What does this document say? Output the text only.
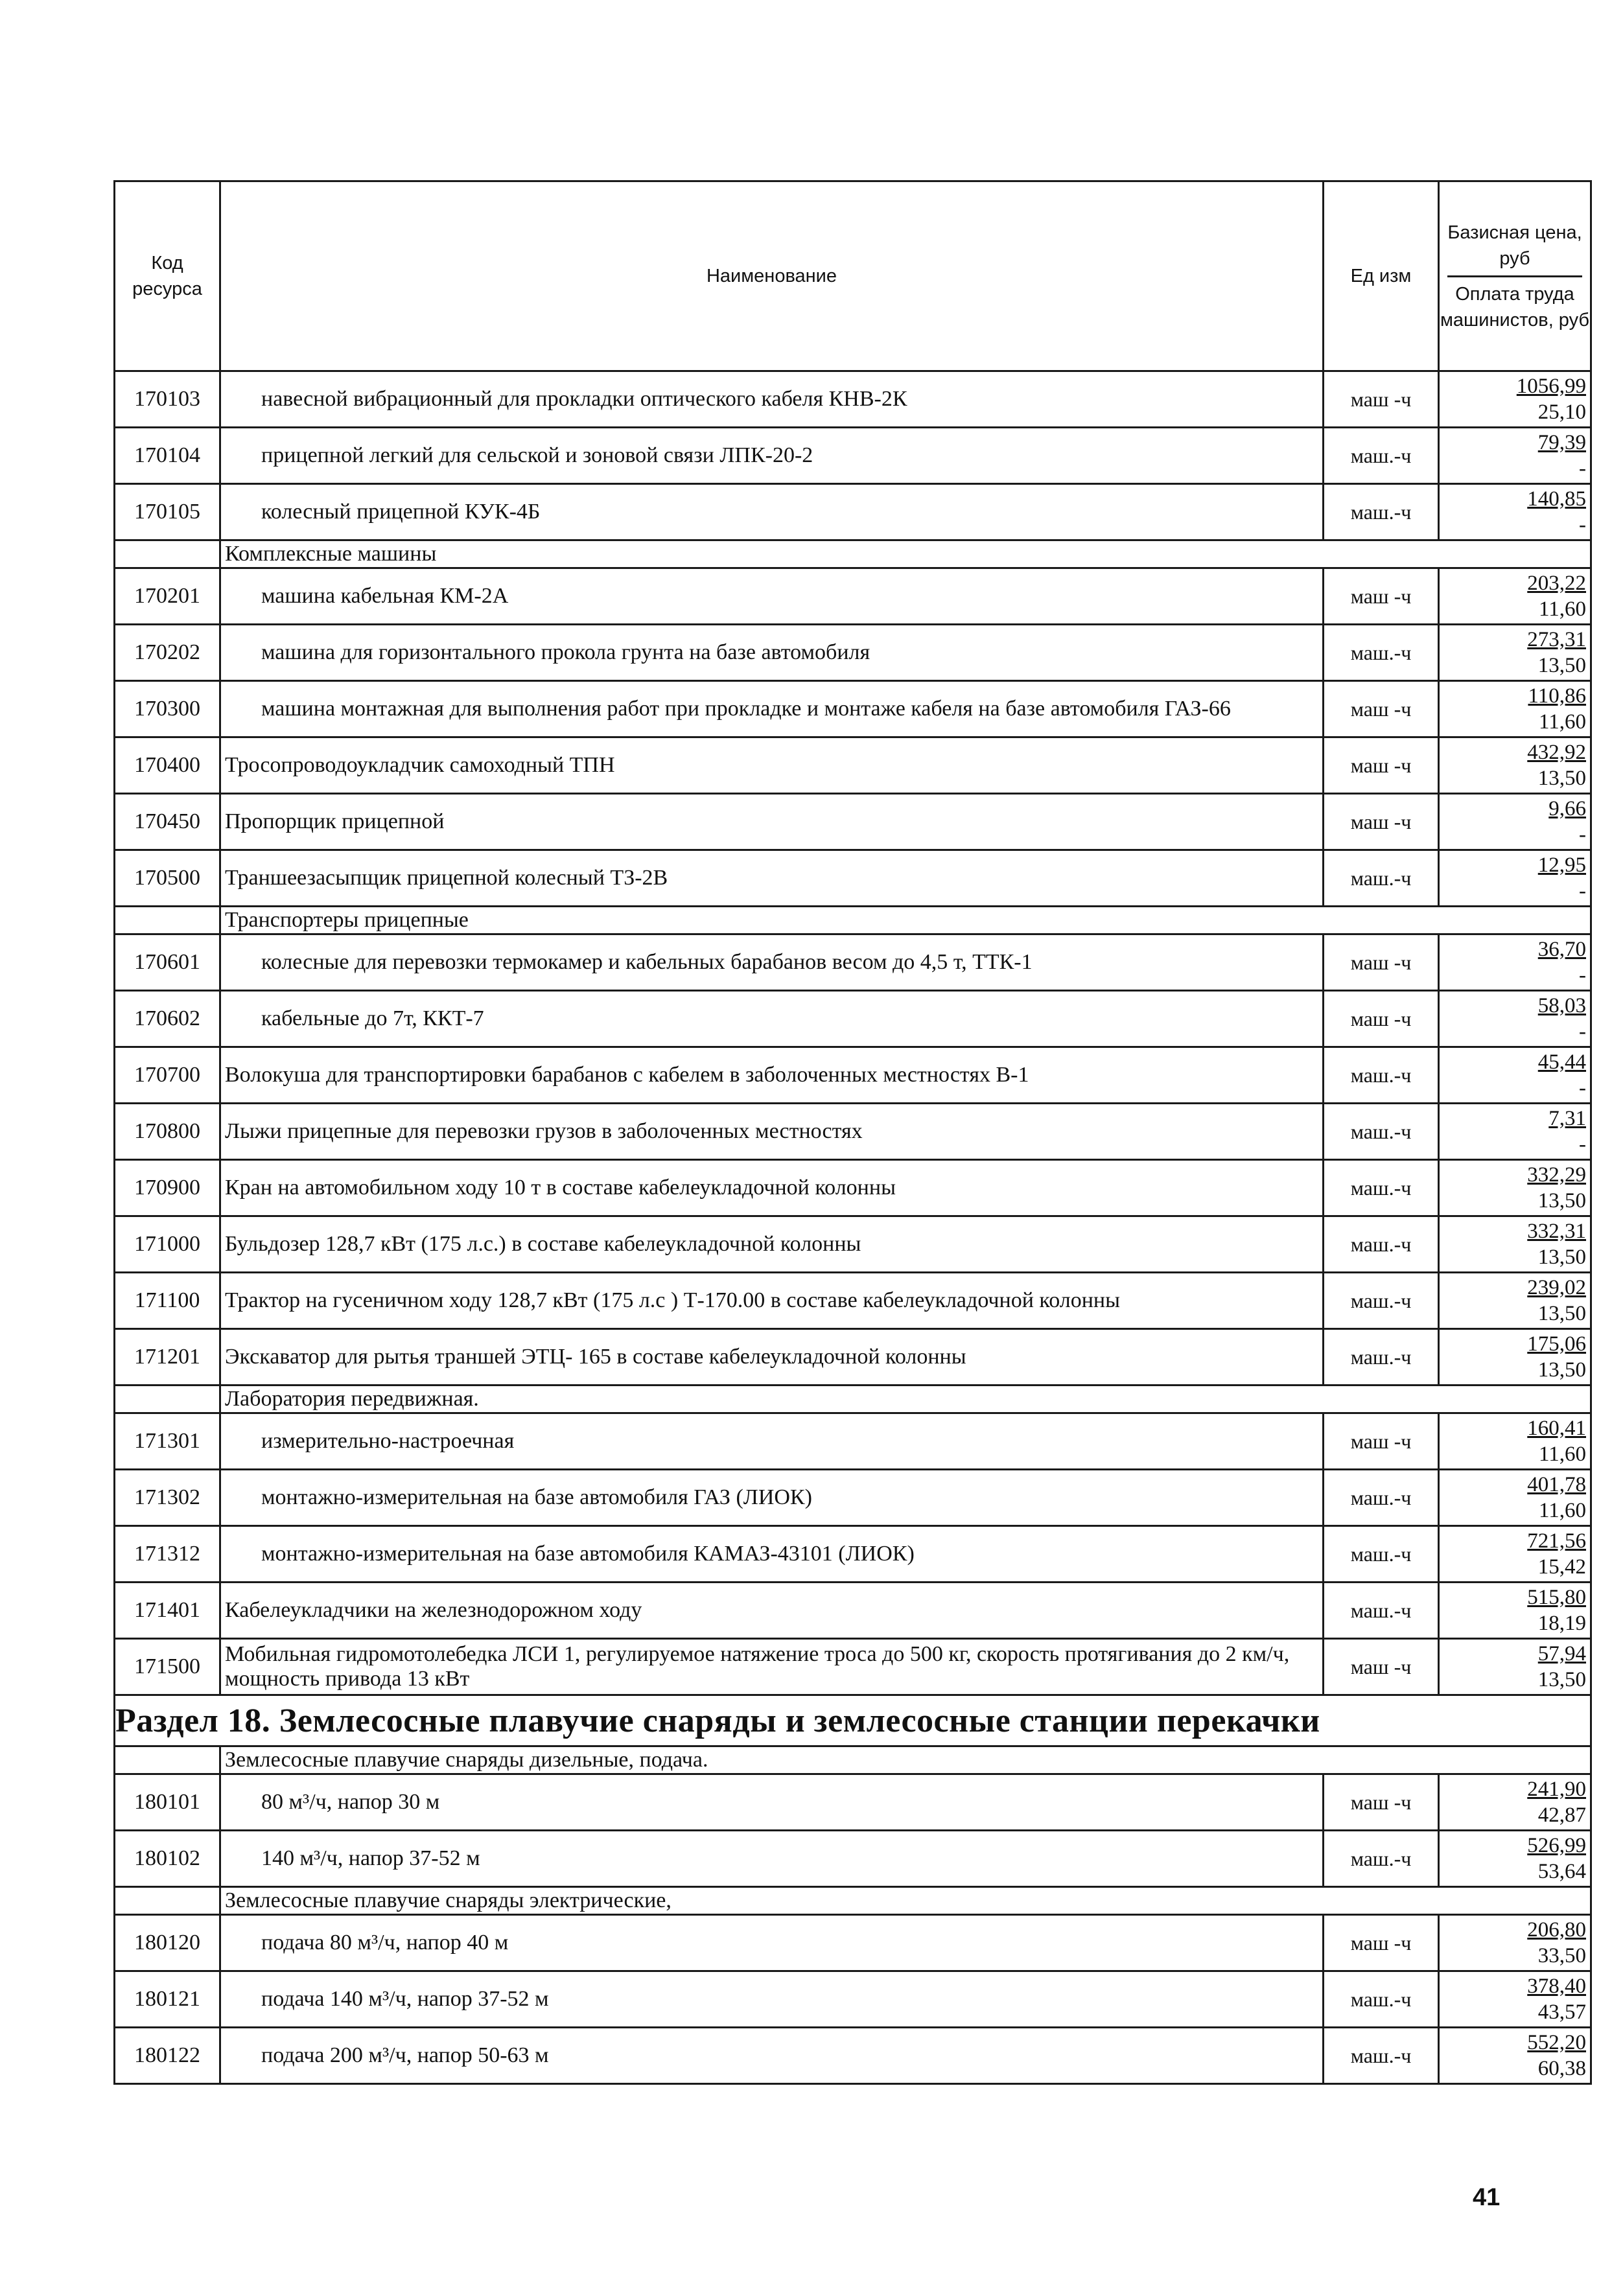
Код ресурса	Наименование	Ед изм	Базисная цена, руб
Оплата труда машинистов, руб

170103	навесной вибрационный для прокладки оптического кабеля КНВ-2К	маш -ч	1056,99
25,10

170104	прицепной легкий для сельской и зоновой связи ЛПК-20-2	маш.-ч	79,39
-

170105	колесный прицепной КУК-4Б	маш.-ч	140,85
-

	Комплексные машины		
170201	машина кабельная КМ-2А	маш -ч	203,22
11,60

170202	машина для горизонтального прокола грунта на базе автомобиля	маш.-ч	273,31
13,50

170300	машина монтажная для выполнения работ при прокладке и монтаже кабеля на базе автомобиля ГАЗ-66	маш -ч	110,86
11,60

170400	Тросопроводоукладчик самоходный ТПН	маш -ч	432,92
13,50

170450	Пропорщик прицепной	маш -ч	9,66
-

170500	Траншеезасыпщик прицепной колесный ТЗ-2В	маш.-ч	12,95
-

	Транспортеры прицепные		
170601	колесные для перевозки термокамер и кабельных барабанов весом до 4,5 т, ТТК-1	маш -ч	36,70
-

170602	кабельные до 7т, ККТ-7	маш -ч	58,03
-

170700	Волокуша для транспортировки барабанов с кабелем в заболоченных местностях В-1	маш.-ч	45,44
-

170800	Лыжи прицепные для перевозки грузов в заболоченных местностях	маш.-ч	7,31
-

170900	Кран на автомобильном ходу 10 т в составе кабелеукладочной колонны	маш.-ч	332,29
13,50

171000	Бульдозер 128,7 кВт (175 л.с.) в составе кабелеукладочной колонны	маш.-ч	332,31
13,50

171100	Трактор на гусеничном ходу 128,7 кВт (175 л.с ) Т-170.00 в составе кабелеукладочной колонны	маш.-ч	239,02
13,50

171201	Экскаватор для рытья траншей ЭТЦ- 165 в составе кабелеукладочной колонны	маш.-ч	175,06
13,50

	Лаборатория передвижная.		
171301	измерительно-настроечная	маш -ч	160,41
11,60

171302	монтажно-измерительная на базе автомобиля ГАЗ (ЛИОК)	маш.-ч	401,78
11,60

171312	монтажно-измерительная на базе автомобиля КАМАЗ-43101 (ЛИОК)	маш.-ч	721,56
15,42

171401	Кабелеукладчики на железнодорожном ходу	маш.-ч	515,80
18,19

171500	Мобильная гидромотолебедка ЛСИ 1, регулируемое натяжение троса до 500 кг, скорость протягивания до 2 км/ч, мощность привода 13 кВт	маш -ч	57,94
13,50

Раздел 18. Землесосные плавучие снаряды и землесосные станции перекачки			
	Землесосные плавучие снаряды дизельные, подача.		
180101	80 м³/ч, напор 30 м	маш -ч	241,90
42,87

180102	140 м³/ч, напор 37-52 м	маш.-ч	526,99
53,64

	Землесосные плавучие снаряды электрические,		
180120	подача 80 м³/ч, напор 40 м	маш -ч	206,80
33,50

180121	подача 140 м³/ч, напор 37-52 м	маш.-ч	378,40
43,57

180122	подача 200 м³/ч, напор 50-63 м	маш.-ч	552,20
60,38
41
